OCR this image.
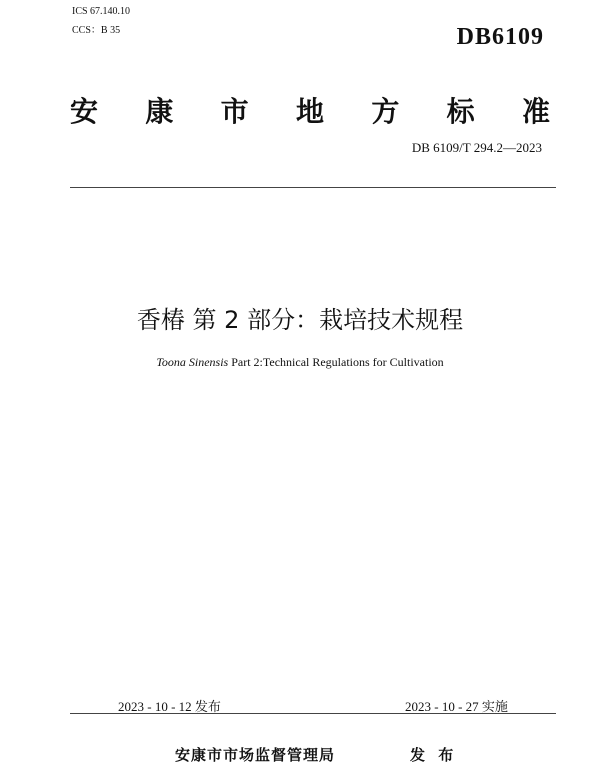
ICS 67.140.10
CCS：B 35	DB6109
安 康 市 地 方 标 准
DB 6109/T 294.2—2023
香椿 第 2 部分：栽培技术规程
Toona Sinensis Part 2:Technical Regulations for Cultivation
2023 - 10 - 12 发布	2023 - 10 - 27 实施
安康市市场监督管理局	发 布
